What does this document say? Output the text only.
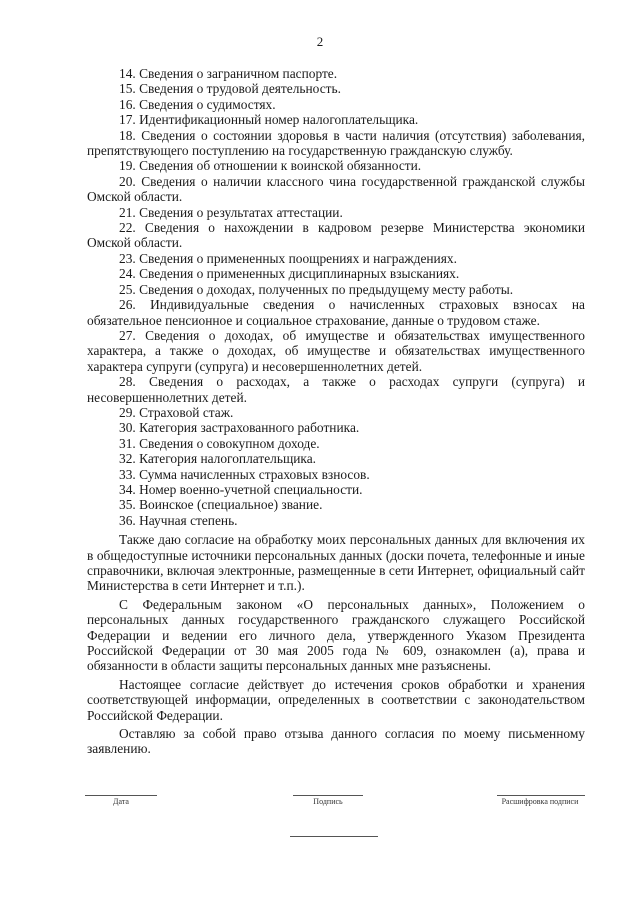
2

14. Сведения о заграничном паспорте.

15. Сведения о трудовой деятельность.

16. Сведения о судимостях.

17. Идентификационный номер налогоплательщика.

18. Сведения о состоянии здоровья в части наличия (отсутствия) заболевания, препятствующего поступлению на государственную гражданскую службу.

19. Сведения об отношении к воинской обязанности.

20. Сведения о наличии классного чина государственной гражданской службы Омской области.

21. Сведения о результатах аттестации.

22. Сведения о нахождении в кадровом резерве Министерства экономики Омской области.

23. Сведения о примененных поощрениях и награждениях.

24. Сведения о примененных дисциплинарных взысканиях.

25. Сведения о доходах, полученных по предыдущему месту работы.

26. Индивидуальные сведения о начисленных страховых взносах на обязательное пенсионное и социальное страхование, данные о трудовом стаже.

27. Сведения о доходах, об имуществе и обязательствах имущественного характера, а также о доходах, об имуществе и обязательствах имущественного характера супруги (супруга) и несовершеннолетних детей.

28. Сведения о расходах, а также о расходах супруги (супруга) и несовершеннолетних детей.

29. Страховой стаж.

30. Категория застрахованного работника.

31. Сведения о совокупном доходе.

32. Категория налогоплательщика.

33. Сумма начисленных страховых взносов.

34. Номер военно-учетной специальности.

35. Воинское (специальное) звание.

36. Научная степень.

Также даю согласие на обработку моих персональных данных для включения их в общедоступные источники персональных данных (доски почета, телефонные и иные справочники, включая электронные, размещенные в сети Интернет, официальный сайт Министерства в сети Интернет и т.п.).

С Федеральным законом «О персональных данных», Положением о персональных данных государственного гражданского служащего Российской Федерации и ведении его личного дела, утвержденного Указом Президента Российской Федерации от 30 мая 2005 года № 609, ознакомлен (а), права и обязанности в области защиты персональных данных мне разъяснены.

Настоящее согласие действует до истечения сроков обработки и хранения соответствующей информации, определенных в соответствии с законодательством Российской Федерации.

Оставляю за собой право отзыва данного согласия по моему письменному заявлению.

Дата	Подпись	Расшифровка подписи
